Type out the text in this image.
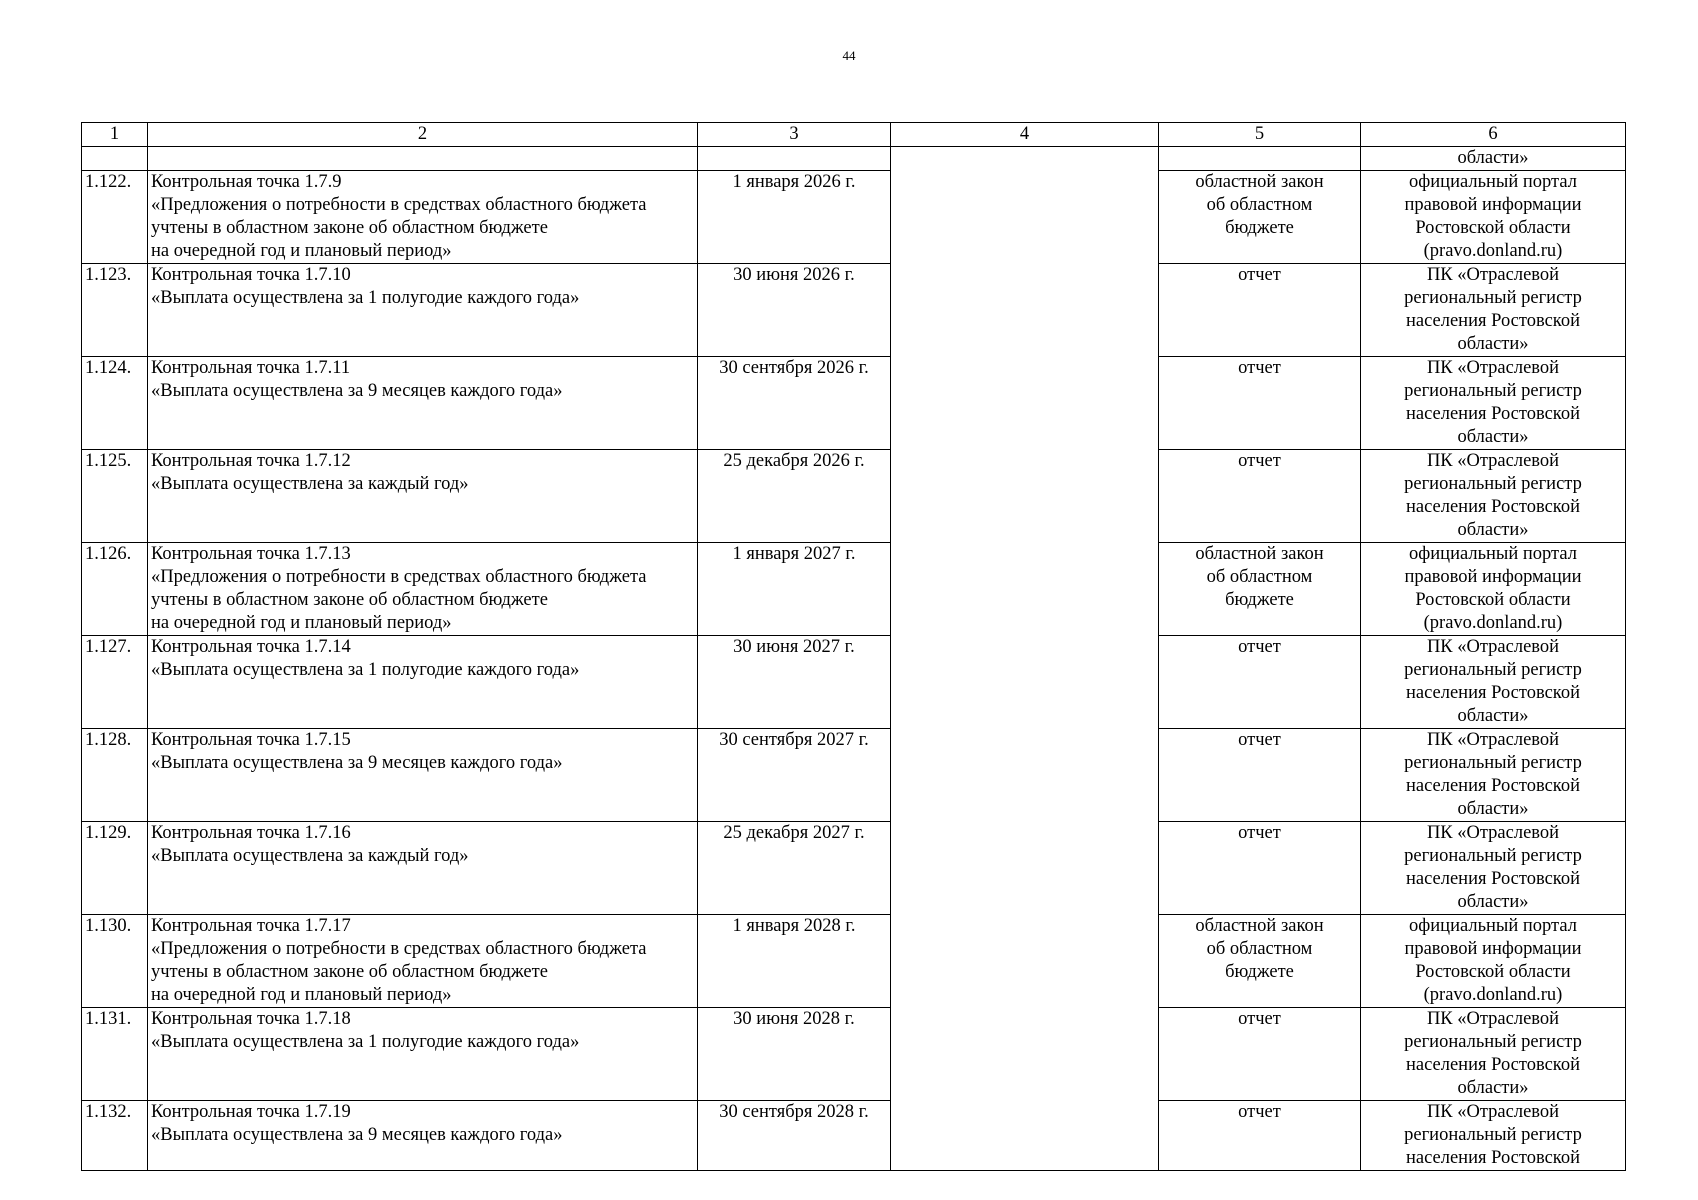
44
1	2	3	4	5	6
					области»
1.122.	Контрольная точка 1.7.9
«Предложения о потребности в средствах областного бюджета
учтены в областном законе об областном бюджете
на очередной год и плановый период»	1 января 2026 г.		областной закон
об областном
бюджете	официальный портал
правовой информации
Ростовской области
(pravo.donland.ru)
1.123.	Контрольная точка 1.7.10
«Выплата осуществлена за 1 полугодие каждого года»	30 июня 2026 г.		отчет	ПК «Отраслевой
региональный регистр
населения Ростовской
области»
1.124.	Контрольная точка 1.7.11
«Выплата осуществлена за 9 месяцев каждого года»	30 сентября 2026 г.		отчет	ПК «Отраслевой
региональный регистр
населения Ростовской
области»
1.125.	Контрольная точка 1.7.12
«Выплата осуществлена за каждый год»	25 декабря 2026 г.		отчет	ПК «Отраслевой
региональный регистр
населения Ростовской
области»
1.126.	Контрольная точка 1.7.13
«Предложения о потребности в средствах областного бюджета
учтены в областном законе об областном бюджете
на очередной год и плановый период»	1 января 2027 г.		областной закон
об областном
бюджете	официальный портал
правовой информации
Ростовской области
(pravo.donland.ru)
1.127.	Контрольная точка 1.7.14
«Выплата осуществлена за 1 полугодие каждого года»	30 июня 2027 г.		отчет	ПК «Отраслевой
региональный регистр
населения Ростовской
области»
1.128.	Контрольная точка 1.7.15
«Выплата осуществлена за 9 месяцев каждого года»	30 сентября 2027 г.		отчет	ПК «Отраслевой
региональный регистр
населения Ростовской
области»
1.129.	Контрольная точка 1.7.16
«Выплата осуществлена за каждый год»	25 декабря 2027 г.		отчет	ПК «Отраслевой
региональный регистр
населения Ростовской
области»
1.130.	Контрольная точка 1.7.17
«Предложения о потребности в средствах областного бюджета
учтены в областном законе об областном бюджете
на очередной год и плановый период»	1 января 2028 г.		областной закон
об областном
бюджете	официальный портал
правовой информации
Ростовской области
(pravo.donland.ru)
1.131.	Контрольная точка 1.7.18
«Выплата осуществлена за 1 полугодие каждого года»	30 июня 2028 г.		отчет	ПК «Отраслевой
региональный регистр
населения Ростовской
области»
1.132.	Контрольная точка 1.7.19
«Выплата осуществлена за 9 месяцев каждого года»	30 сентября 2028 г.		отчет	ПК «Отраслевой
региональный регистр
населения Ростовской
